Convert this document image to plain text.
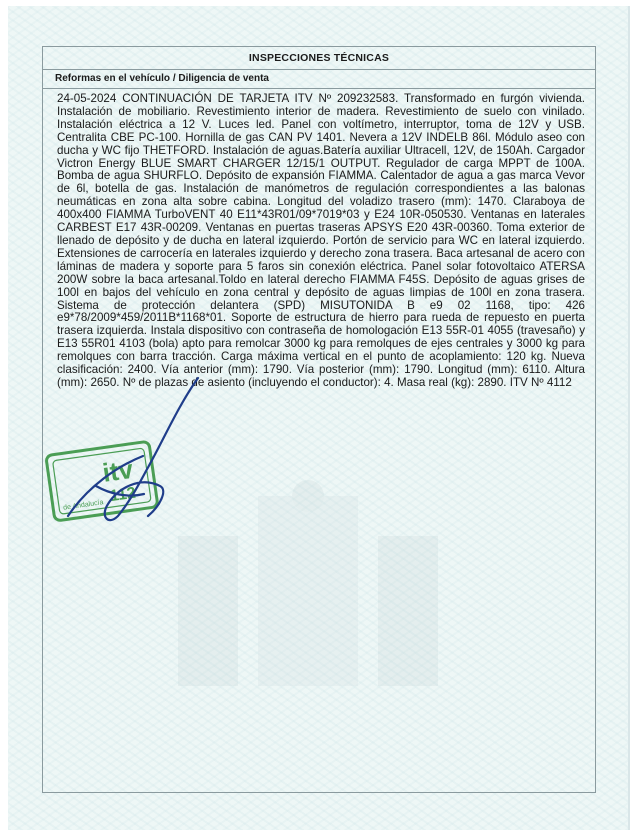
INSPECCIONES TÉCNICAS
Reformas en el vehículo / Diligencia de venta
24-05-2024 CONTINUACIÓN DE TARJETA ITV Nº 209232583. Transformado en furgón vivienda. Instalación de mobiliario. Revestimiento interior de madera. Revestimiento de suelo con vinilado. Instalación eléctrica a 12 V. Luces led. Panel con voltímetro, interruptor, toma de 12V y USB. Centralita CBE PC-100. Hornilla de gas CAN PV 1401. Nevera a 12V INDELB 86l. Módulo aseo con ducha y WC fijo THETFORD. Instalación de aguas.Batería auxiliar Ultracell, 12V, de 150Ah. Cargador Victron Energy BLUE SMART CHARGER 12/15/1 OUTPUT. Regulador de carga MPPT de 100A. Bomba de agua SHURFLO. Depósito de expansión FIAMMA. Calentador de agua a gas marca Vevor de 6l, botella de gas. Instalación de manómetros de regulación correspondientes a las balonas neumáticas en zona alta sobre cabina. Longitud del voladizo trasero (mm): 1470. Claraboya de 400x400 FIAMMA TurboVENT 40 E11*43R01/09*7019*03 y E24 10R-050530. Ventanas en laterales CARBEST E17 43R-00209. Ventanas en puertas traseras APSYS E20 43R-00360. Toma exterior de llenado de depósito y de ducha en lateral izquierdo. Portón de servicio para WC en lateral izquierdo. Extensiones de carrocería en laterales izquierdo y derecho zona trasera. Baca artesanal de acero con láminas de madera y soporte para 5 faros sin conexión eléctrica. Panel solar fotovoltaico ATERSA 200W sobre la baca artesanal.Toldo en lateral derecho FIAMMA F45S. Depósito de aguas grises de 100l en bajos del vehículo en zona central y depósito de aguas limpias de 100l en zona trasera. Sistema de protección delantera (SPD) MISUTONIDA B e9 02 1168, tipo: 426 e9*78/2009*459/2011B*1168*01. Soporte de estructura de hierro para rueda de repuesto en puerta trasera izquierda. Instala dispositivo con contraseña de homologación E13 55R-01 4055 (travesaño) y E13 55R01 4103 (bola) apto para remolcar 3000 kg para remolques de ejes centrales y 3000 kg para remolques con barra tracción. Carga máxima vertical en el punto de acoplamiento: 120 kg. Nueva clasificación: 2400. Vía anterior (mm): 1790. Vía posterior (mm): 1790. Longitud (mm): 6110. Altura (mm): 2650. Nº de plazas de asiento (incluyendo el conductor): 4. Masa real (kg): 2890. ITV Nº 4112
itv
112
de Andalucía
